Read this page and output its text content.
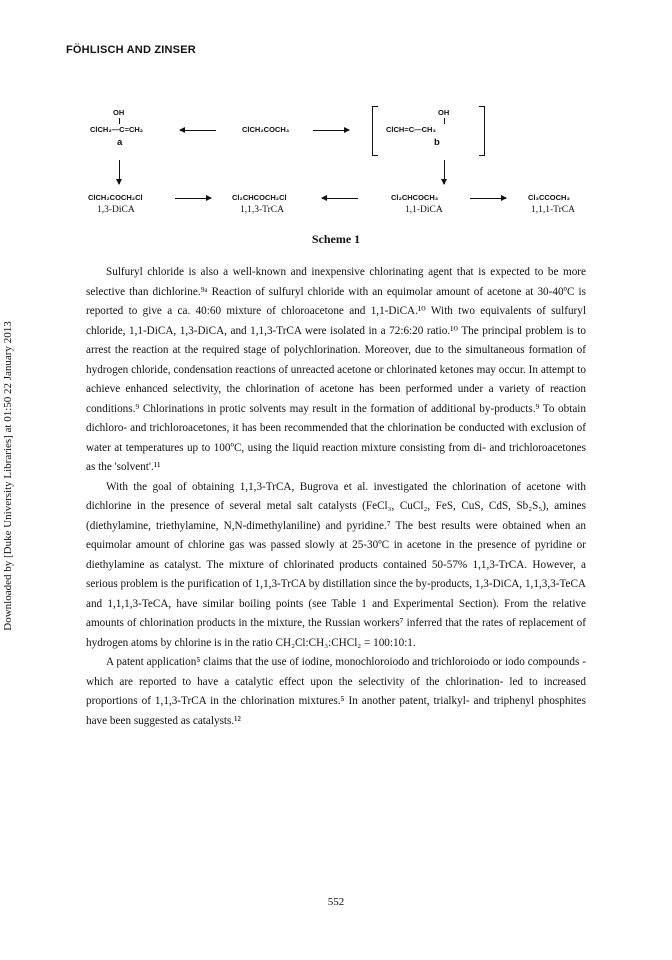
FÖHLISCH AND ZINSER
Downloaded by [Duke University Libraries] at 01:50 22 January 2013
OH
ClCH₂—C=CH₂
a
ClCH₂COCH₃
OH
ClCH=C—CH₃
b
ClCH₂COCH₂Cl
1,3-DiCA
Cl₂CHCOCH₂Cl
1,1,3-TrCA
Cl₂CHCOCH₃
1,1-DiCA
Cl₃CCOCH₃
1,1,1-TrCA
Scheme 1

Sulfuryl chloride is also a well-known and inexpensive chlorinating agent that is expected to be more selective than dichlorine.⁹ᵃ Reaction of sulfuryl chloride with an equimolar amount of acetone at 30-40ºC is reported to give a ca. 40:60 mixture of chloroacetone and 1,1-DiCA.¹⁰ With two equivalents of sulfuryl chloride, 1,1-DiCA, 1,3-DiCA, and 1,1,3-TrCA were isolated in a 72:6:20 ratio.¹⁰ The principal problem is to arrest the reaction at the required stage of polychlorination. Moreover, due to the simultaneous formation of hydrogen chloride, condensation reactions of unreacted acetone or chlorinated ketones may occur. In attempt to achieve enhanced selectivity, the chlorination of acetone has been performed under a variety of reaction conditions.⁹ Chlorinations in protic solvents may result in the formation of additional by-products.⁹ To obtain dichloro- and trichloroacetones, it has been recommended that the chlorination be conducted with exclusion of water at temperatures up to 100ºC, using the liquid reaction mixture consisting from di- and trichloroacetones as the 'solvent'.¹¹

With the goal of obtaining 1,1,3-TrCA, Bugrova et al. investigated the chlorination of acetone with dichlorine in the presence of several metal salt catalysts (FeCl₃, CuCl₂, FeS, CuS, CdS, Sb₂S₅), amines (diethylamine, triethylamine, N,N-dimethylaniline) and pyridine.⁷ The best results were obtained when an equimolar amount of chlorine gas was passed slowly at 25-30ºC in acetone in the presence of pyridine or diethylamine as catalyst. The mixture of chlorinated products contained 50-57% 1,1,3-TrCA. However, a serious problem is the purification of 1,1,3-TrCA by distillation since the by-products, 1,3-DiCA, 1,1,3,3-TeCA and 1,1,1,3-TeCA, have similar boiling points (see Table 1 and Experimental Section). From the relative amounts of chlorination products in the mixture, the Russian workers⁷ inferred that the rates of replacement of hydrogen atoms by chlorine is in the ratio CH₂Cl:CH₃:CHCl₂ = 100:10:1.

A patent application⁵ claims that the use of iodine, monochloroiodo and trichloroiodo or iodo compounds -which are reported to have a catalytic effect upon the selectivity of the chlorination- led to increased proportions of 1,1,3-TrCA in the chlorination mixtures.⁵ In another patent, trialkyl- and triphenyl phosphites have been suggested as catalysts.¹²

552
